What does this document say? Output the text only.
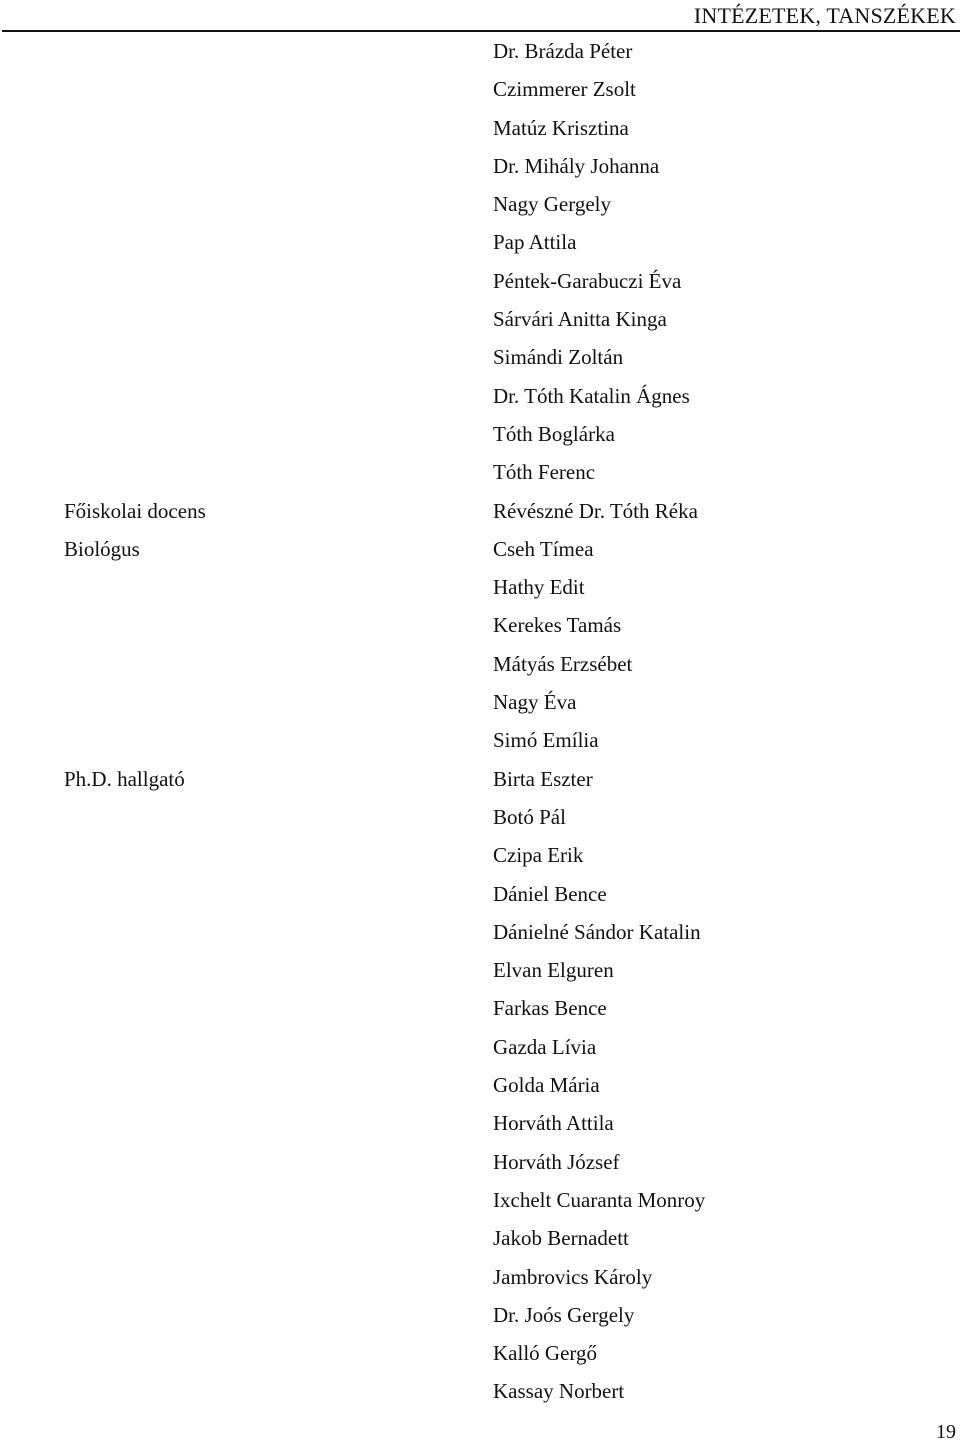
INTÉZETEK, TANSZÉKEK
Dr. Brázda Péter
Czimmerer Zsolt
Matúz Krisztina
Dr. Mihály Johanna
Nagy Gergely
Pap Attila
Péntek-Garabuczi Éva
Sárvári Anitta Kinga
Simándi Zoltán
Dr. Tóth Katalin Ágnes
Tóth Boglárka
Tóth Ferenc
Főiskolai docens	Révészné Dr. Tóth Réka
Biológus	Cseh Tímea
Hathy Edit
Kerekes Tamás
Mátyás Erzsébet
Nagy Éva
Simó Emília
Ph.D. hallgató	Birta Eszter
Botó Pál
Czipa Erik
Dániel Bence
Dánielné Sándor Katalin
Elvan Elguren
Farkas Bence
Gazda Lívia
Golda Mária
Horváth Attila
Horváth József
Ixchelt Cuaranta Monroy
Jakob Bernadett
Jambrovics Károly
Dr. Joós Gergely
Kalló Gergő
Kassay Norbert
19
